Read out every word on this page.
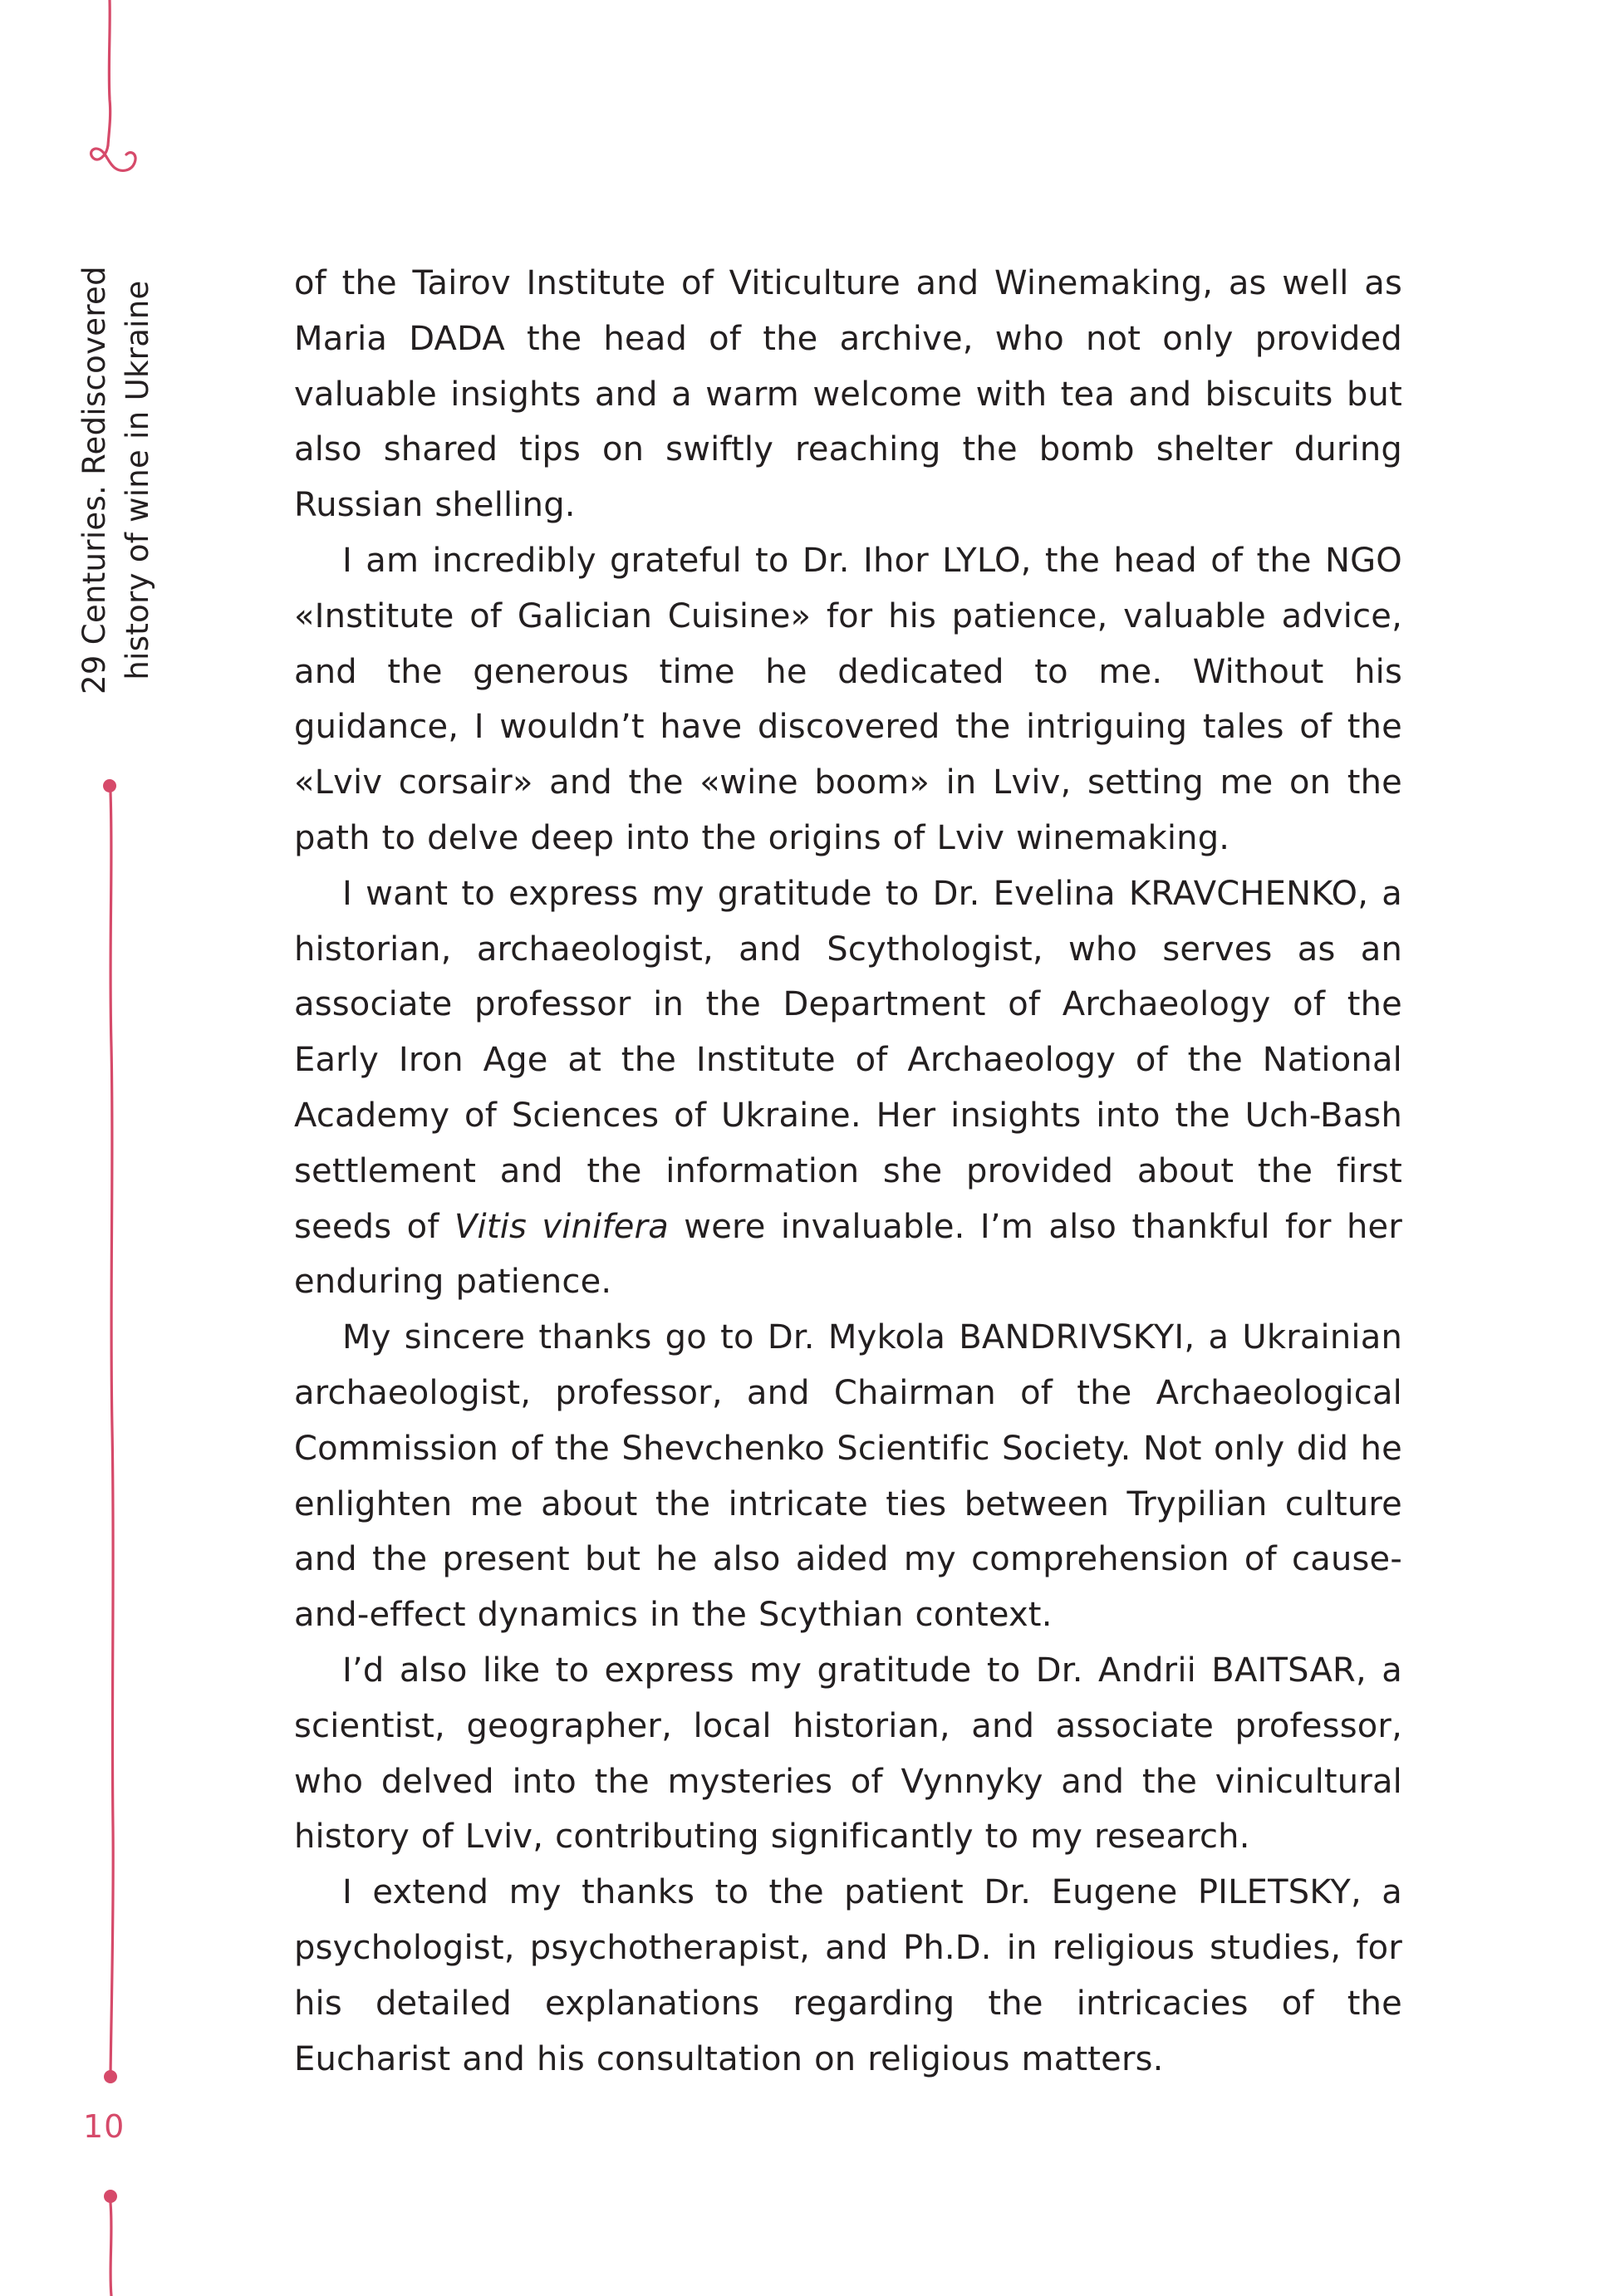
29 Centuries. Rediscovered history of wine in Ukraine
10

of the Tairov Institute of Viticulture and Winemaking, as well as Maria DADA the head of the archive, who not only provided valuable insights and a warm welcome with tea and biscuits but also shared tips on swiftly reaching the bomb shelter during Russian shelling.

I am incredibly grateful to Dr. Ihor LYLO, the head of the NGO «Institute of Galician Cuisine» for his patience, valuable advice, and the generous time he dedicated to me. Without his guidance, I wouldn’t have discovered the intriguing tales of the «Lviv corsair» and the «wine boom» in Lviv, setting me on the path to delve deep into the origins of Lviv winemaking.

I want to express my gratitude to Dr. Evelina KRAVCHENKO, a historian, archaeologist, and Scythologist, who serves as an associate professor in the Department of Archaeology of the Early Iron Age at the Institute of Archaeology of the National Academy of Sciences of Ukraine. Her insights into the Uch-Bash settlement and the information she provided about the first seeds of Vitis vinifera were invaluable. I’m also thankful for her enduring patience.

My sincere thanks go to Dr. Mykola BANDRIVSKYI, a Ukrainian archaeologist, professor, and Chairman of the Archaeological Commission of the Shevchenko Scientific Society. Not only did he enlighten me about the intricate ties between Trypilian culture and the present but he also aided my comprehension of cause-and-effect dynamics in the Scythian context.

I’d also like to express my gratitude to Dr. Andrii BAITSAR, a scientist, geographer, local historian, and associate professor, who delved into the mysteries of Vynnyky and the vinicultural history of Lviv, contributing significantly to my research.

I extend my thanks to the patient Dr. Eugene PILETSKY, a psychologist, psychotherapist, and Ph.D. in religious studies, for his detailed explanations regarding the intricacies of the Eucharist and his consultation on religious matters.
